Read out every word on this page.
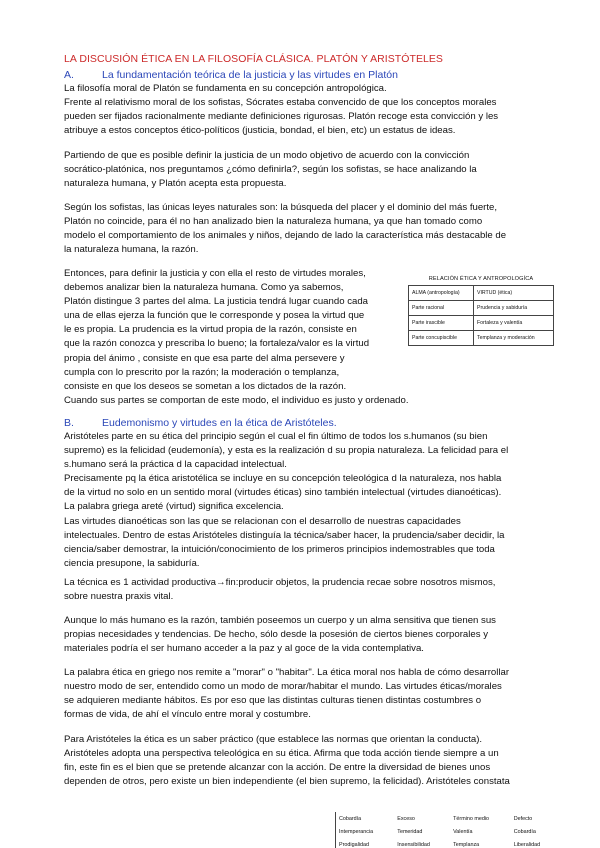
LA DISCUSIÓN ÉTICA EN LA FILOSOFÍA CLÁSICA. PLATÓN Y ARISTÓTELES
A.	La fundamentación teórica de la justicia y las virtudes en Platón

La filosofía moral de Platón se fundamenta en su concepción antropológica.
Frente al relativismo moral de los sofistas, Sócrates estaba convencido de que los conceptos morales
pueden ser fijados racionalmente mediante definiciones rigurosas. Platón recoge esta convicción y les
atribuye a estos conceptos ético-políticos (justicia, bondad, el bien, etc) un estatus de ideas.

Partiendo de que es posible definir la justicia de un modo objetivo de acuerdo con la convicción
socrático-platónica, nos preguntamos ¿cómo definirla?, según los sofistas, se hace analizando la
naturaleza humana, y Platón acepta esta propuesta.

Según los sofistas, las únicas leyes naturales son: la búsqueda del placer y el dominio del más fuerte,
Platón no coincide, para él no han analizado bien la naturaleza humana, ya que han tomado como
modelo el comportamiento de los animales y niños, dejando de lado la característica más destacable de
la naturaleza humana, la razón.

Entonces, para definir la justicia y con ella el resto de virtudes morales,
debemos analizar bien la naturaleza humana. Como ya sabemos,
Platón distingue 3 partes del alma. La justicia tendrá lugar cuando cada
una de ellas ejerza la función que le corresponde y posea la virtud que
le es propia. La prudencia es la virtud propia de la razón, consiste en
que la razón conozca y prescriba lo bueno; la fortaleza/valor es la virtud
propia del ánimo , consiste en que esa parte del alma persevere y
cumpla con lo prescrito por la razón; la moderación o templanza,
consiste en que los deseos se sometan a los dictados de la razón.

Cuando sus partes se comportan de este modo, el individuo es justo y ordenado.

RELACIÓN ÉTICA Y ANTROPOLOGÍCA
ALMA (antropología)	VIRTUD (ética)
Parte racional	Prudencia y sabiduría
Parte irascible	Fortaleza y valentía
Parte concupiscible	Templanza y moderación
B.	Eudemonismo y virtudes en la ética de Aristóteles.

Aristóteles parte en su ética del principio según el cual el fin último de todos los s.humanos (su bien
supremo) es la felicidad (eudemonía), y esta es la realización d su propia naturaleza. La felicidad para el
s.humano será la práctica d la capacidad intelectual.
Precisamente pq la ética aristotélica se incluye en su concepción teleológica d la naturaleza, nos habla
de la virtud no solo en un sentido moral (virtudes éticas) sino también intelectual (virtudes dianoéticas).
La palabra griega areté (virtud) significa excelencia.
Las virtudes dianoéticas son las que se relacionan con el desarrollo de nuestras capacidades
intelectuales. Dentro de estas Aristóteles distinguía la técnica/saber hacer, la prudencia/saber decidir, la
ciencia/saber demostrar, la intuición/conocimiento de los primeros principios indemostrables que toda
ciencia presupone, la sabiduría.

La técnica es 1 actividad productiva→fin:producir objetos, la prudencia recae sobre nosotros mismos,
sobre nuestra praxis vital.

Aunque lo más humano es la razón, también poseemos un cuerpo y un alma sensitiva que tienen sus
propias necesidades y tendencias. De hecho, sólo desde la posesión de ciertos bienes corporales y
materiales podría el ser humano acceder a la paz y al goce de la vida contemplativa.

La palabra ética en griego nos remite a "morar" o "habitar". La ética moral nos habla de cómo desarrollar
nuestro modo de ser, entendido como un modo de morar/habitar el mundo. Las virtudes éticas/morales
se adquieren mediante hábitos. Es por eso que las distintas culturas tienen distintas costumbres o
formas de vida, de ahí el vínculo entre moral y costumbre.

Para Aristóteles la ética es un saber práctico (que establece las normas que orientan la conducta).
Aristóteles adopta una perspectiva teleológica en su ética. Afirma que toda acción tiende siempre a un
fin, este fin es el bien que se pretende alcanzar con la acción. De entre la diversidad de bienes unos
dependen de otros, pero existe un bien independiente (el bien supremo, la felicidad). Aristóteles constata

Cobardía	Exceso	Término medio	Defecto
Intemperancia	Temeridad	Valentía	Cobardía
Prodigalidad	Insensibilidad	Templanza	Liberalidad
